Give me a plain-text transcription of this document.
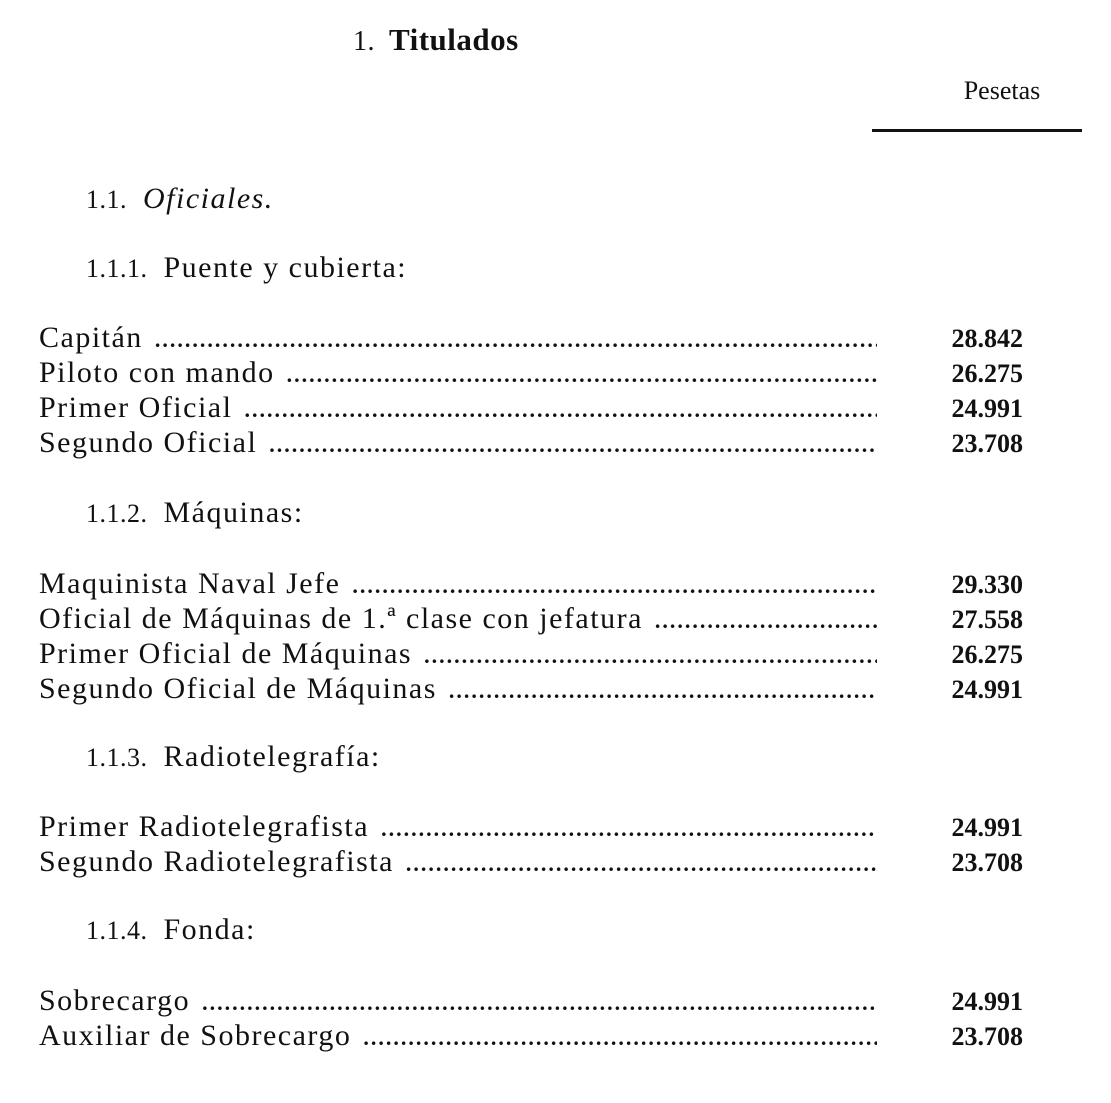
1. Titulados
Pesetas
1.1. Oficiales.
1.1.1. Puente y cubierta:
Capitán .....	28.842
Piloto con mando .....	26.275
Primer Oficial .....	24.991
Segundo Oficial .....	23.708
1.1.2. Máquinas:
Maquinista Naval Jefe .....	29.330
Oficial de Máquinas de 1.ª clase con jefatura .....	27.558
Primer Oficial de Máquinas .....	26.275
Segundo Oficial de Máquinas .....	24.991
1.1.3. Radiotelegrafía:
Primer Radiotelegrafista .....	24.991
Segundo Radiotelegrafista .....	23.708
1.1.4. Fonda:
Sobrecargo .....	24.991
Auxiliar de Sobrecargo .....	23.708
